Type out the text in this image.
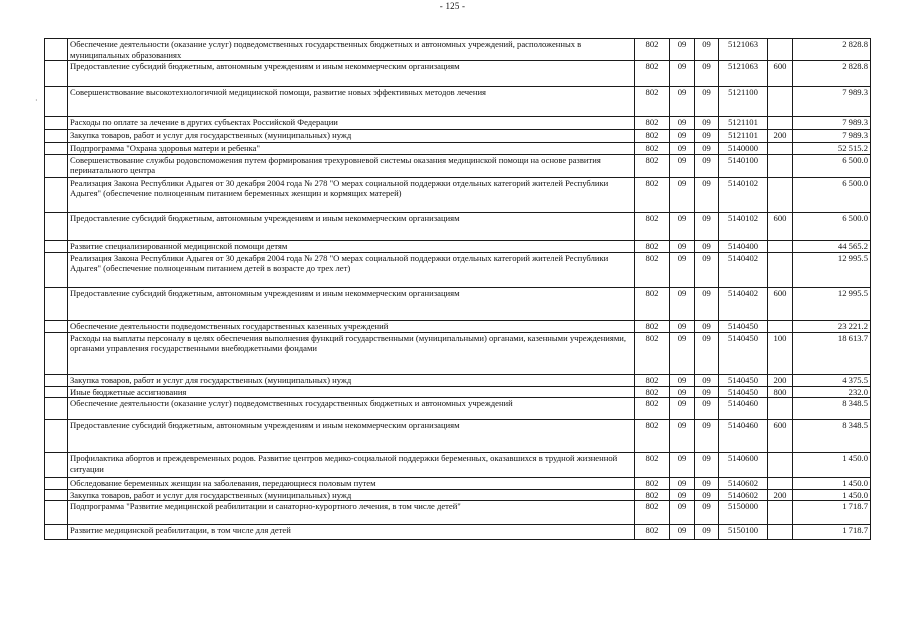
- 125 -
·
	Обеспечение деятельности (оказание услуг) подведомственных государственных бюджетных и автономных учреждений, расположенных в муниципальных образованиях	802	09	09	5121063		2 828.8
	Предоставление субсидий бюджетным, автономным учреждениям и иным некоммерческим организациям	802	09	09	5121063	600	2 828.8
	Совершенствование высокотехнологичной медицинской помощи, развитие новых эффективных методов лечения	802	09	09	5121100		7 989.3
	Расходы по оплате за лечение в других субъектах Российской Федерации	802	09	09	5121101		7 989.3
	Закупка товаров, работ и услуг для государственных (муниципальных) нужд	802	09	09	5121101	200	7 989.3
	Подпрограмма "Охрана здоровья матери и ребенка"	802	09	09	5140000		52 515.2
	Совершенствование службы родовспоможения путем формирования трехуровневой системы оказания медицинской помощи на основе развития перинатального центра	802	09	09	5140100		6 500.0
	Реализация Закона Республики Адыгея от 30 декабря 2004 года № 278 "О мерах социальной поддержки отдельных категорий жителей Республики Адыгея" (обеспечение полноценным питанием беременных женщин и кормящих матерей)	802	09	09	5140102		6 500.0
	Предоставление субсидий бюджетным, автономным учреждениям и иным некоммерческим организациям	802	09	09	5140102	600	6 500.0
	Развитие специализированной медицинской помощи детям	802	09	09	5140400		44 565.2
	Реализация Закона Республики Адыгея от 30 декабря 2004 года № 278 "О мерах социальной поддержки отдельных категорий жителей Республики Адыгея" (обеспечение полноценным питанием детей в возрасте до трех лет)	802	09	09	5140402		12 995.5
	Предоставление субсидий бюджетным, автономным учреждениям и иным некоммерческим организациям	802	09	09	5140402	600	12 995.5
	Обеспечение деятельности подведомственных государственных казенных учреждений	802	09	09	5140450		23 221.2
	Расходы на выплаты персоналу в целях обеспечения выполнения функций государственными (муниципальными) органами, казенными учреждениями, органами управления государственными внебюджетными фондами	802	09	09	5140450	100	18 613.7
	Закупка товаров, работ и услуг для государственных (муниципальных) нужд	802	09	09	5140450	200	4 375.5
	Иные бюджетные ассигнования	802	09	09	5140450	800	232.0
	Обеспечение деятельности (оказание услуг) подведомственных государственных бюджетных и автономных учреждений	802	09	09	5140460		8 348.5
	Предоставление субсидий бюджетным, автономным учреждениям и иным некоммерческим организациям	802	09	09	5140460	600	8 348.5
	Профилактика абортов и преждевременных родов. Развитие центров медико-социальной поддержки беременных, оказавшихся в трудной жизненной ситуации	802	09	09	5140600		1 450.0
	Обследование беременных женщин на заболевания, передающиеся половым путем	802	09	09	5140602		1 450.0
	Закупка товаров, работ и услуг для государственных (муниципальных) нужд	802	09	09	5140602	200	1 450.0
	Подпрограмма "Развитие медицинской реабилитации и санаторно-курортного лечения, в том числе детей"	802	09	09	5150000		1 718.7
	Развитие медицинской реабилитации, в том числе для детей	802	09	09	5150100		1 718.7
